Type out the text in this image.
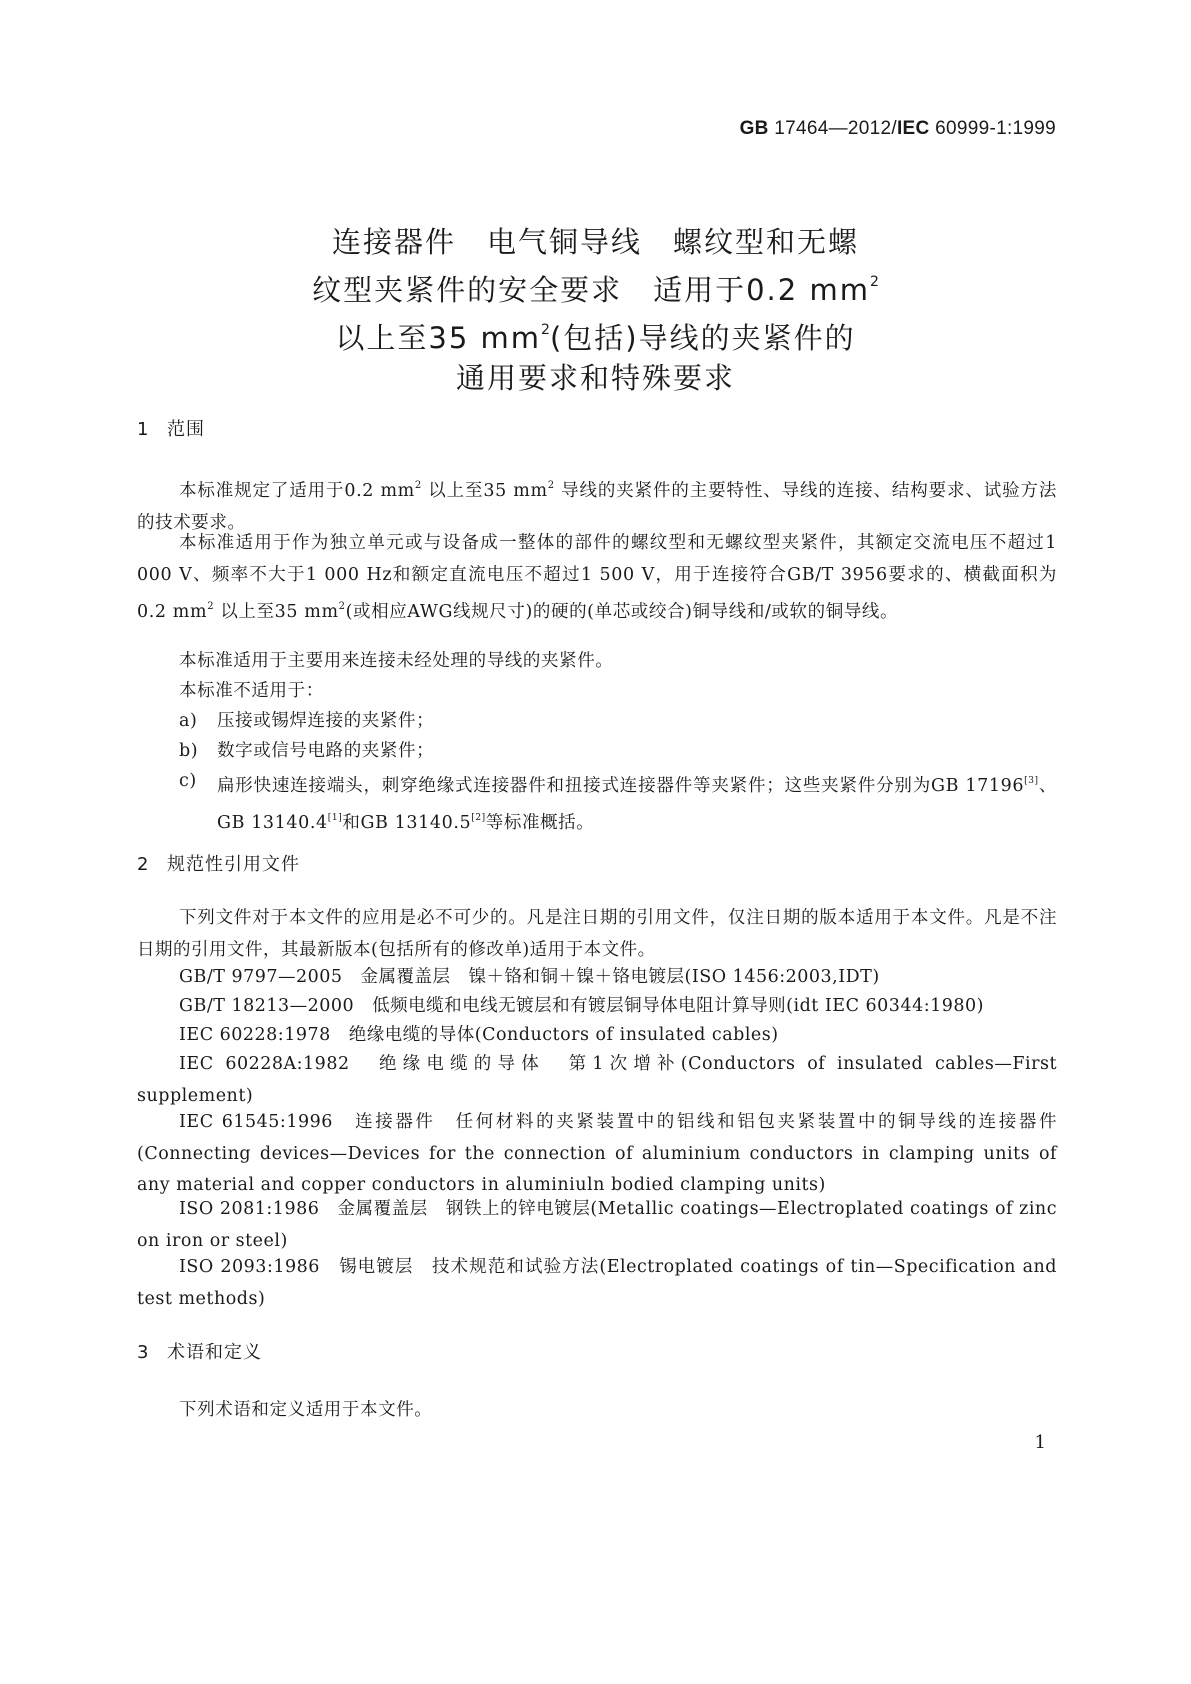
GB 17464—2012/IEC 60999-1:1999
连接器件　电气铜导线　螺纹型和无螺
纹型夹紧件的安全要求　适用于0.2 $mm^2$
以上至35 $mm^2$(包括)导线的夹紧件的
通用要求和特殊要求
1 范围
本标准规定了适用于0.2 $mm^2$ 以上至35 $mm^2$ 导线的夹紧件的主要特性、导线的连接、结构要求、试验方法的技术要求。
本标准适用于作为独立单元或与设备成一整体的部件的螺纹型和无螺纹型夹紧件，其额定交流电压不超过1 000 V、频率不大于1 000 Hz和额定直流电压不超过1 500 V，用于连接符合GB/T 3956要求的、横截面积为0.2 $mm^2$ 以上至35 $mm^2$(或相应AWG线规尺寸)的硬的(单芯或绞合)铜导线和/或软的铜导线。
本标准适用于主要用来连接未经处理的导线的夹紧件。
本标准不适用于：
a)	压接或锡焊连接的夹紧件；
b)	数字或信号电路的夹紧件；
c)	扁形快速连接端头，刺穿绝缘式连接器件和扭接式连接器件等夹紧件；这些夹紧件分别为GB 17196[3]、GB 13140.4[1]和GB 13140.5[2]等标准概括。
2 规范性引用文件
下列文件对于本文件的应用是必不可少的。凡是注日期的引用文件，仅注日期的版本适用于本文件。凡是不注日期的引用文件，其最新版本(包括所有的修改单)适用于本文件。
GB/T 9797—2005　金属覆盖层　镍＋铬和铜＋镍＋铬电镀层(ISO 1456:2003,IDT)
GB/T 18213—2000　低频电缆和电线无镀层和有镀层铜导体电阻计算导则(idt IEC 60344:1980)
IEC 60228:1978　绝缘电缆的导体(Conductors of insulated cables)
IEC 60228A:1982　绝缘电缆的导体　第1次增补(Conductors of insulated cables—First supplement)
IEC 61545:1996　连接器件　任何材料的夹紧装置中的铝线和铝包夹紧装置中的铜导线的连接器件(Connecting devices—Devices for the connection of aluminium conductors in clamping units of any material and copper conductors in aluminiuln bodied clamping units)
ISO 2081:1986　金属覆盖层　钢铁上的锌电镀层(Metallic coatings—Electroplated coatings of zinc on iron or steel)
ISO 2093:1986　锡电镀层　技术规范和试验方法(Electroplated coatings of tin—Specification and test methods)
3 术语和定义
下列术语和定义适用于本文件。
1
